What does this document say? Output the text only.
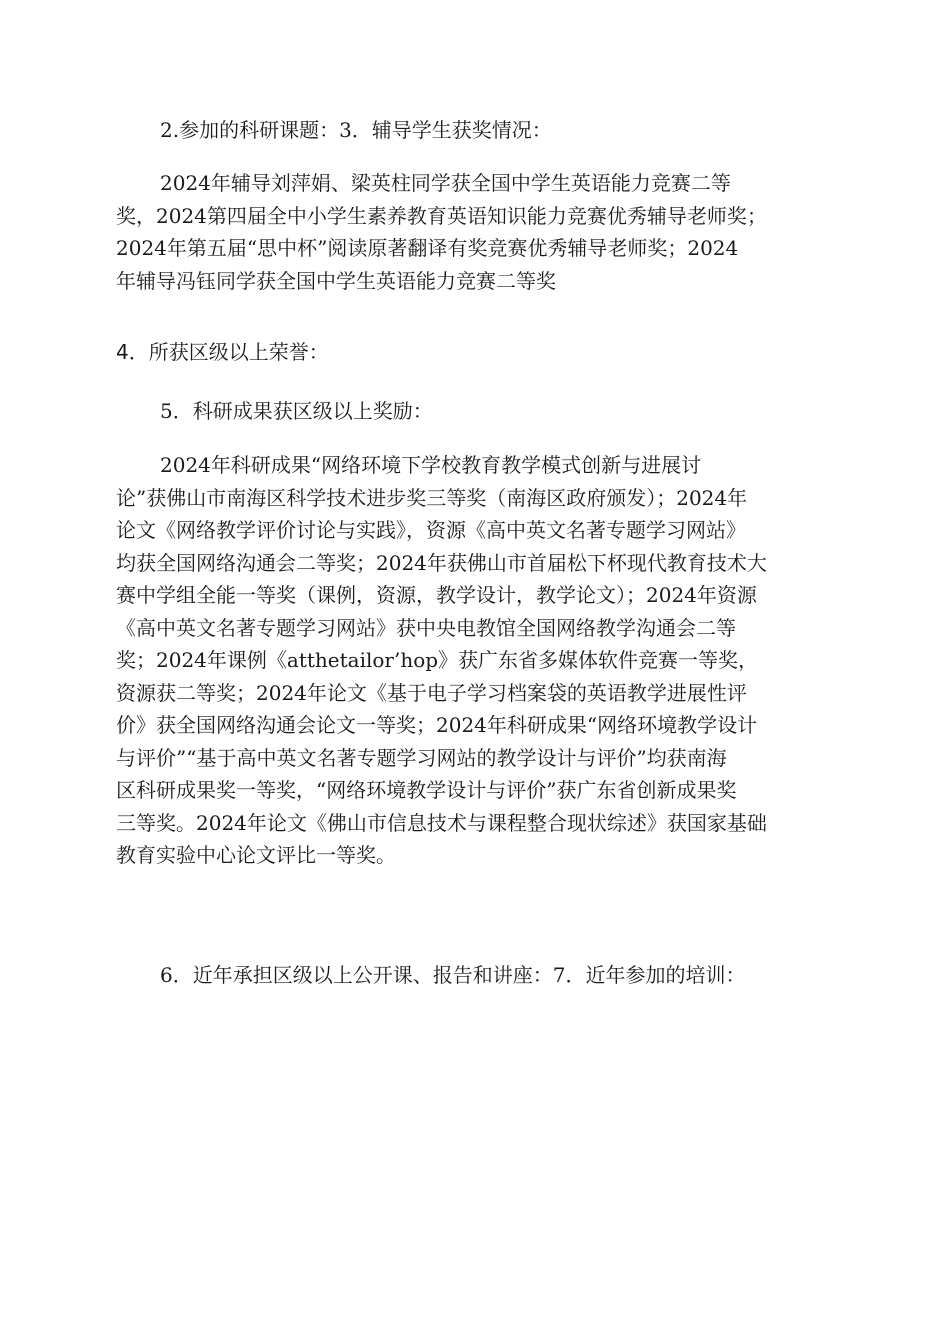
2.参加的科研课题：3．辅导学生获奖情况：

2024年辅导刘萍娟、梁英柱同学获全国中学生英语能力竞赛二等
奖，2024第四届全中小学生素养教育英语知识能力竞赛优秀辅导老师奖；
2024年第五届“思中杯”阅读原著翻译有奖竞赛优秀辅导老师奖；2024
年辅导冯钰同学获全国中学生英语能力竞赛二等奖

4．所获区级以上荣誉：

5．科研成果获区级以上奖励：

2024年科研成果“网络环境下学校教育教学模式创新与进展讨
论”获佛山市南海区科学技术进步奖三等奖（南海区政府颁发）；2024年
论文《网络教学评价讨论与实践》，资源《高中英文名著专题学习网站》
均获全国网络沟通会二等奖；2024年获佛山市首届松下杯现代教育技术大
赛中学组全能一等奖（课例，资源，教学设计，教学论文）；2024年资源
《高中英文名著专题学习网站》获中央电教馆全国网络教学沟通会二等
奖；2024年课例《atthetailor’hop》获广东省多媒体软件竞赛一等奖，
资源获二等奖；2024年论文《基于电子学习档案袋的英语教学进展性评
价》获全国网络沟通会论文一等奖；2024年科研成果“网络环境教学设计
与评价”“基于高中英文名著专题学习网站的教学设计与评价”均获南海
区科研成果奖一等奖，“网络环境教学设计与评价”获广东省创新成果奖
三等奖。2024年论文《佛山市信息技术与课程整合现状综述》获国家基础
教育实验中心论文评比一等奖。

6．近年承担区级以上公开课、报告和讲座：7．近年参加的培训：
